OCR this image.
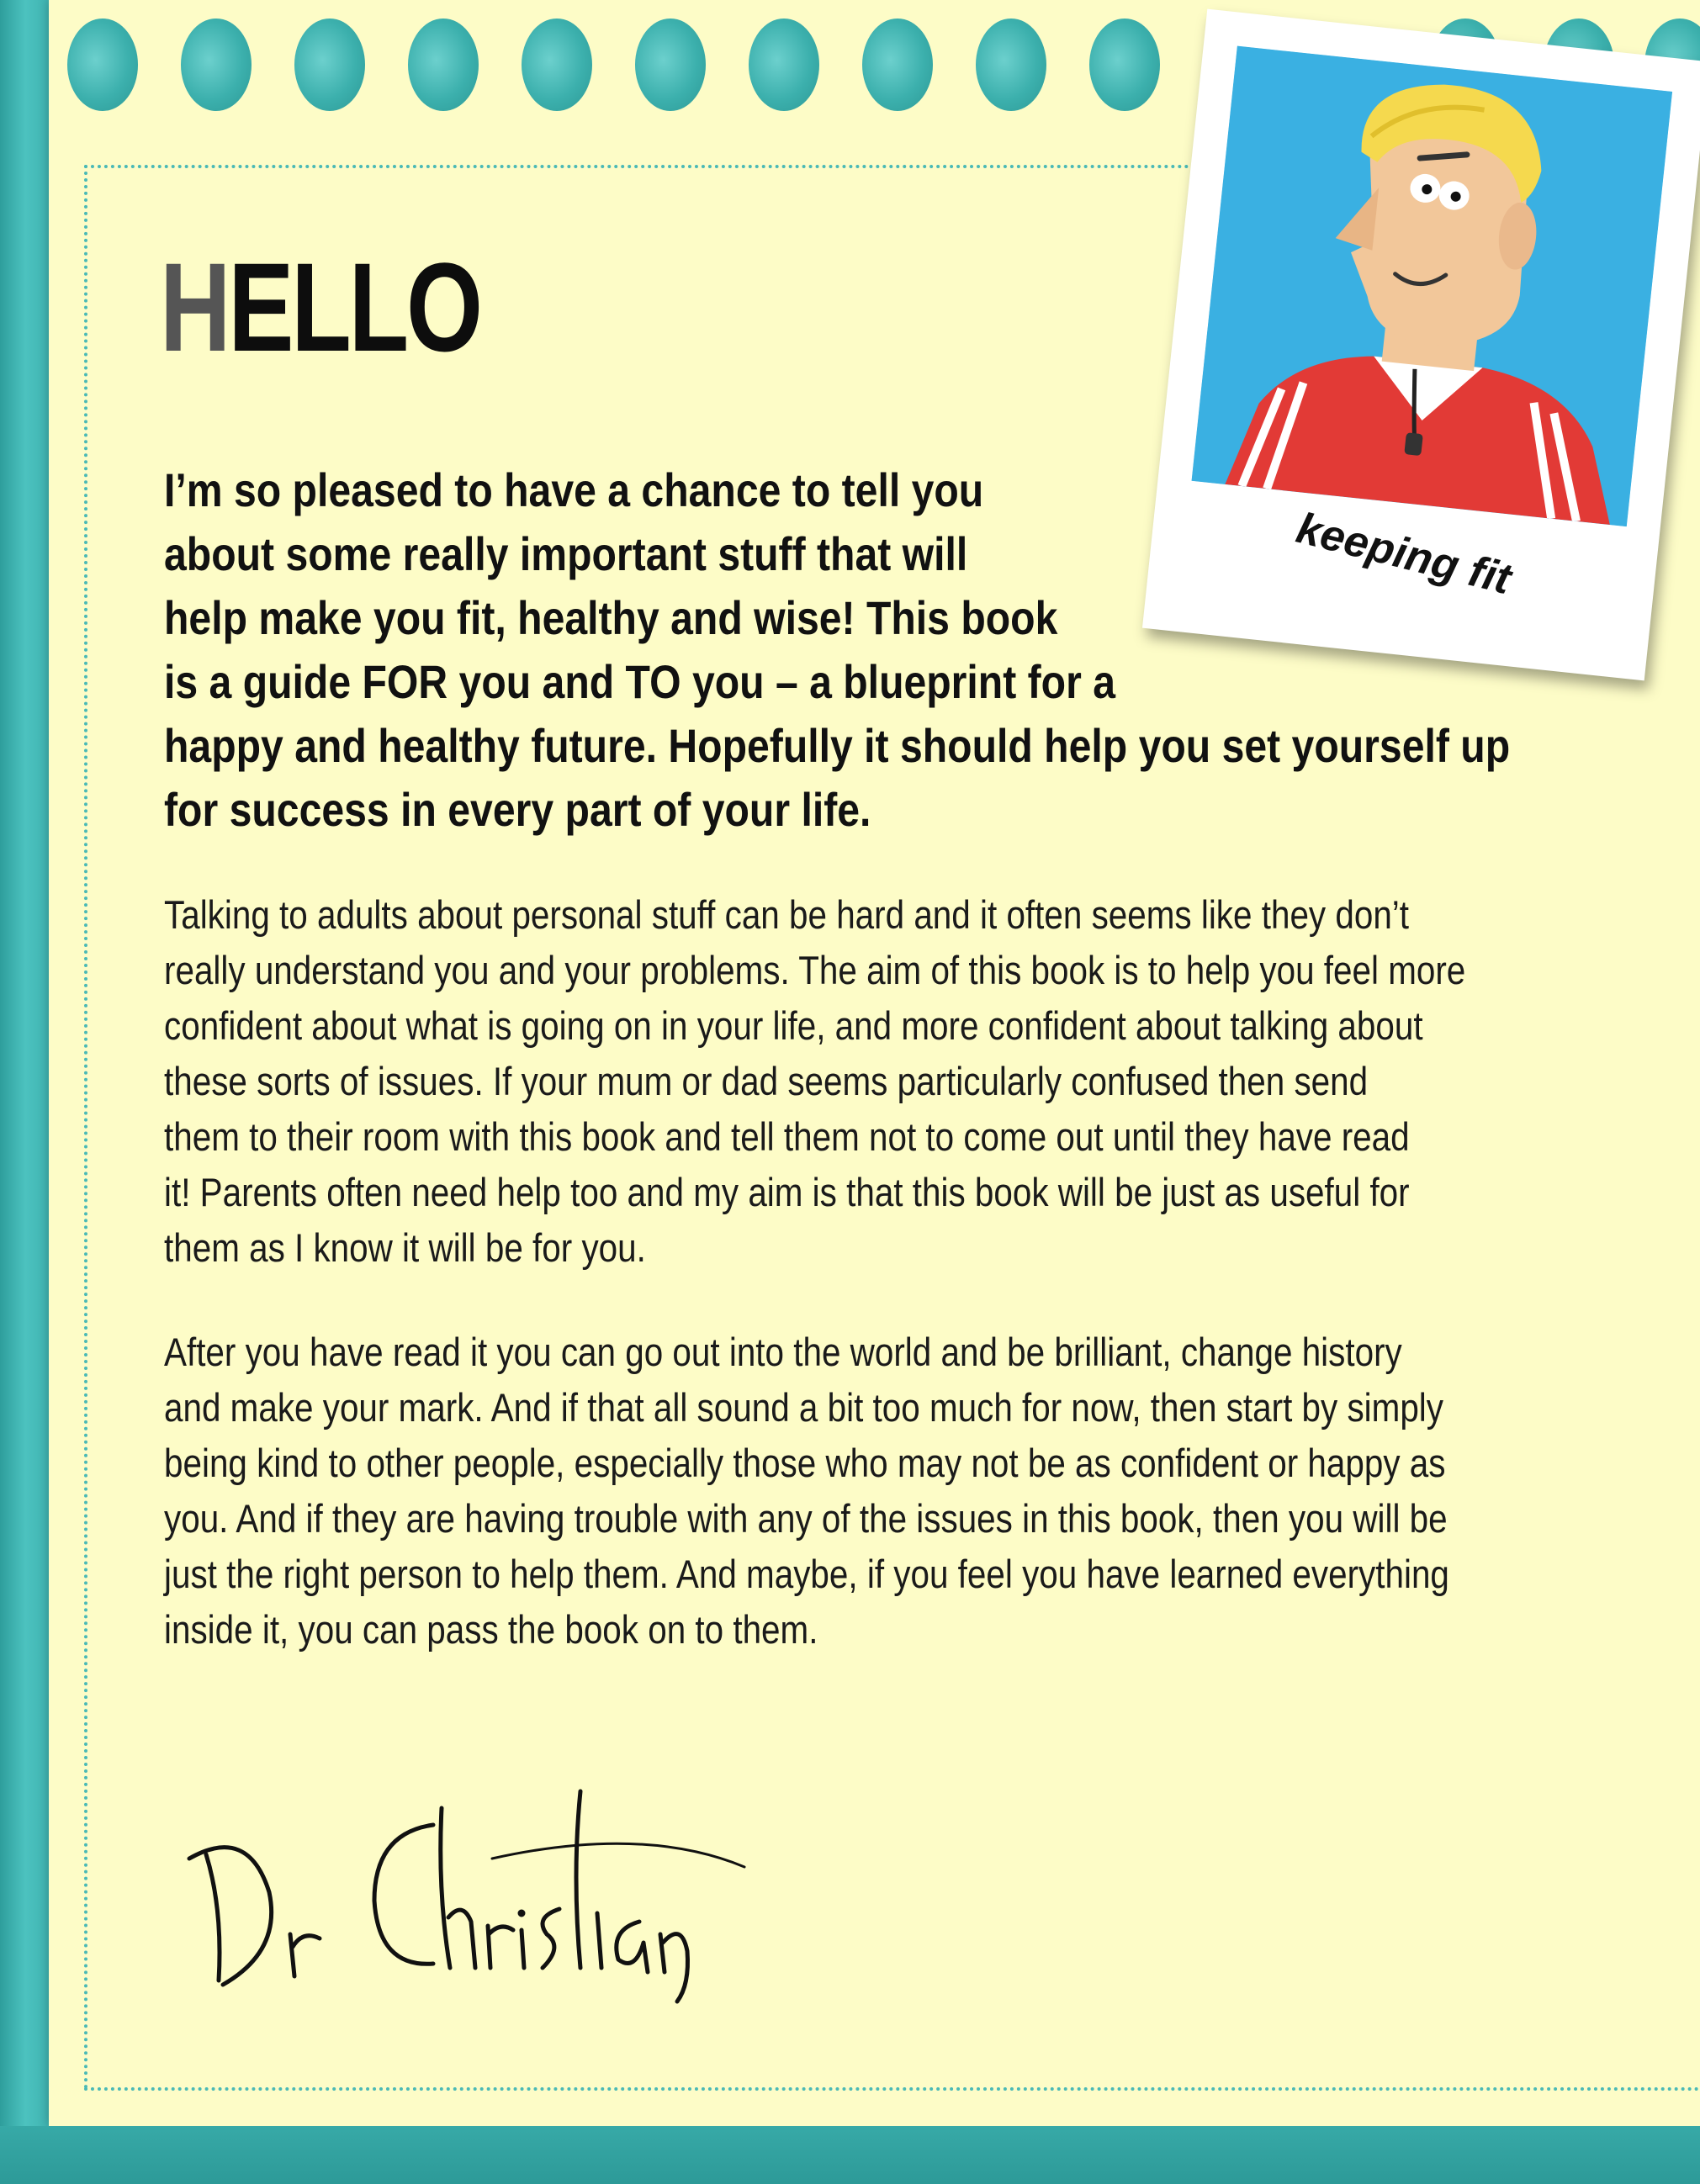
HELLO
I’m so pleased to have a chance to tell you
about some really important stuff that will
help make you fit, healthy and wise! This book
is a guide FOR you and TO you – a blueprint for a
happy and healthy future. Hopefully it should help you set yourself up
for success in every part of your life.
Talking to adults about personal stuff can be hard and it often seems like they don’t
really understand you and your problems. The aim of this book is to help you feel more
confident about what is going on in your life, and more confident about talking about
these sorts of issues. If your mum or dad seems particularly confused then send
them to their room with this book and tell them not to come out until they have read
it! Parents often need help too and my aim is that this book will be just as useful for
them as I know it will be for you.
After you have read it you can go out into the world and be brilliant, change history
and make your mark. And if that all sound a bit too much for now, then start by simply
being kind to other people, especially those who may not be as confident or happy as
you. And if they are having trouble with any of the issues in this book, then you will be
just the right person to help them. And maybe, if you feel you have learned everything
inside it, you can pass the book on to them.
keeping fit
